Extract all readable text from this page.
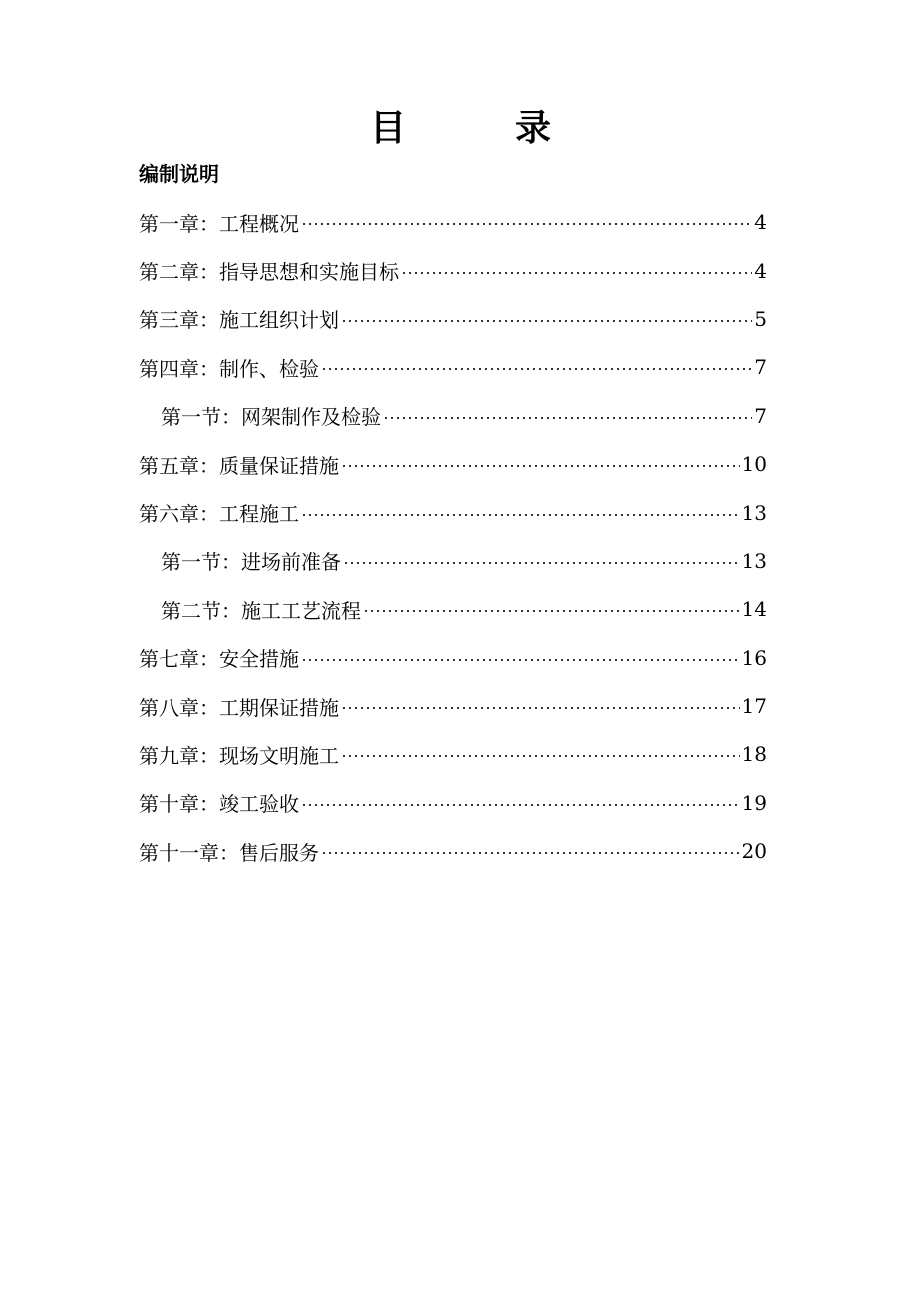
目	录
编制说明
第一章：工程概况	4
第二章：指导思想和实施目标	4
第三章：施工组织计划	5
第四章：制作、检验	7
第一节：网架制作及检验	7
第五章：质量保证措施	10
第六章：工程施工	13
第一节：进场前准备	13
第二节：施工工艺流程	14
第七章：安全措施	16
第八章：工期保证措施	17
第九章：现场文明施工	18
第十章：竣工验收	19
第十一章：售后服务	20
